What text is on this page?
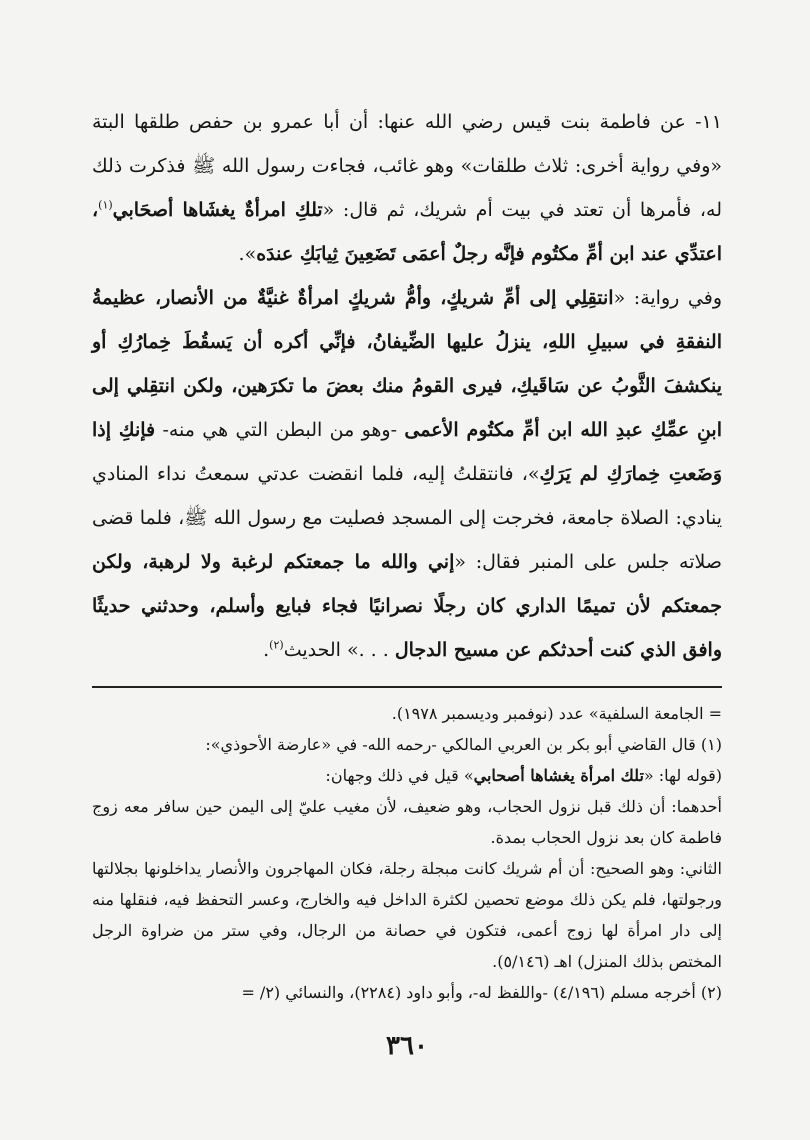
١١- عن فاطمة بنت قيس رضي الله عنها: أن أبا عمرو بن حفص طلقها البتة «وفي رواية أخرى: ثلاث طلقات» وهو غائب، فجاءت رسول الله ﷺ فذكرت ذلك له، فأمرها أن تعتد في بيت أم شريك، ثم قال: «تلكِ امرأةٌ يغشَاها أصحَابي$^{(١)}$، اعتدِّي عند ابن أمِّ مكتُوم فإنَّه رجلٌ أعمَى تَضَعِينَ ثِيابَكِ عندَه».

وفي رواية: «انتقِلِي إلى أمِّ شريكٍ، وأمُّ شريكٍ امرأةٌ غنيَّةٌ من الأنصار، عظيمةُ النفقةِ في سبيلِ اللهِ، ينزلُ عليها الضِّيفانُ، فإنِّي أكره أن يَسقُطَ خِمارُكِ أو ينكشفَ الثَّوبُ عن سَاقَيكِ، فيرى القومُ منك بعضَ ما تكرَهين، ولكن انتقِلي إلى ابنِ عمِّكِ عبدِ الله ابن أمِّ مكتُوم الأعمى -وهو من البطن التي هي منه- فإنكِ إذا وَضَعتِ خِمارَكِ لم يَرَكِ»، فانتقلتُ إليه، فلما انقضت عدتي سمعتُ نداء المنادي ينادي: الصلاة جامعة، فخرجت إلى المسجد فصليت مع رسول الله ﷺ، فلما قضى صلاته جلس على المنبر فقال: «إني والله ما جمعتكم لرغبة ولا لرهبة، ولكن جمعتكم لأن تميمًا الداري كان رجلًا نصرانيًا فجاء فبايع وأسلم، وحدثني حديثًا وافق الذي كنت أحدثكم عن مسيح الدجال . . .» الحديث$^{(٢)}$.

= الجامعة السلفية» عدد (نوفمبر وديسمبر ١٩٧٨).

(١) قال القاضي أبو بكر بن العربي المالكي -رحمه الله- في «عارضة الأحوذي»:

(قوله لها: «تلك امرأة يغشاها أصحابي» قيل في ذلك وجهان:

أحدهما: أن ذلك قبل نزول الحجاب، وهو ضعيف، لأن مغيب عليّ إلى اليمن حين سافر معه زوج فاطمة كان بعد نزول الحجاب بمدة.

الثاني: وهو الصحيح: أن أم شريك كانت مبجلة رجلة، فكان المهاجرون والأنصار يداخلونها بجلالتها ورجولتها، فلم يكن ذلك موضع تحصين لكثرة الداخل فيه والخارج، وعسر التحفظ فيه، فنقلها منه إلى دار امرأة لها زوج أعمى، فتكون في حصانة من الرجال، وفي ستر من ضراوة الرجل المختص بذلك المنزل) اهـ (٥/١٤٦).

(٢) أخرجه مسلم (٤/١٩٦) -واللفظ له-، وأبو داود (٢٢٨٤)، والنسائي (٢/ =

٣٦٠
